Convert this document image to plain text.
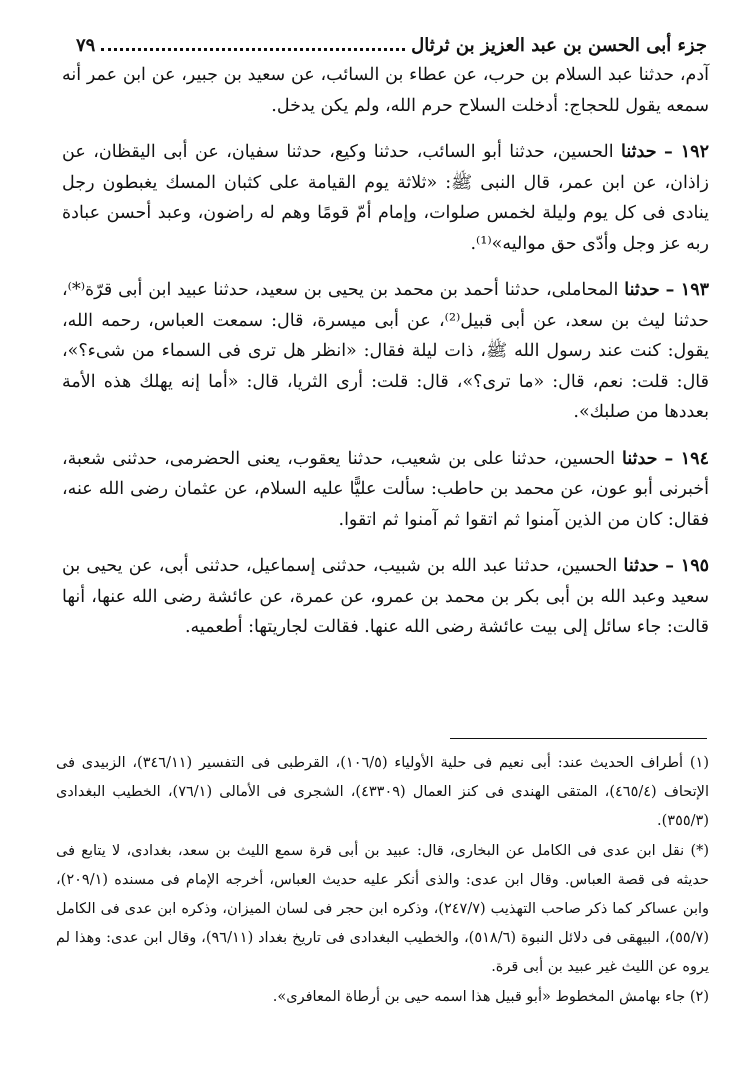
جزء أبى الحسن بن عبد العزيز بن ثرثال
٧٩

آدم، حدثنا عبد السلام بن حرب، عن عطاء بن السائب، عن سعيد بن جبير، عن ابن عمر أنه سمعه يقول للحجاج: أدخلت السلاح حرم الله، ولم يكن يدخل.

١٩٢ – حدثنا الحسين، حدثنا أبو السائب، حدثنا وكيع، حدثنا سفيان، عن أبى اليقظان، عن زاذان، عن ابن عمر، قال النبى ﷺ: «ثلاثة يوم القيامة على كثبان المسك يغبطون رجل ينادى فى كل يوم وليلة لخمس صلوات، وإمام أمّ قومًا وهم له راضون، وعبد أحسن عبادة ربه عز وجل وأدّى حق مواليه»⁽¹⁾.

١٩٣ – حدثنا المحاملى، حدثنا أحمد بن محمد بن يحيى بن سعيد، حدثنا عبيد ابن أبى قرّة⁽*⁾، حدثنا ليث بن سعد، عن أبى قبيل⁽²⁾، عن أبى ميسرة، قال: سمعت العباس، رحمه الله، يقول: كنت عند رسول الله ﷺ، ذات ليلة فقال: «انظر هل ترى فى السماء من شىء؟»، قال: قلت: نعم، قال: «ما ترى؟»، قال: قلت: أرى الثريا، قال: «أما إنه يهلك هذه الأمة بعددها من صلبك».

١٩٤ – حدثنا الحسين، حدثنا على بن شعيب، حدثنا يعقوب، يعنى الحضرمى، حدثنى شعبة، أخبرنى أبو عون، عن محمد بن حاطب: سألت عليًّا عليه السلام، عن عثمان رضى الله عنه، فقال: كان من الذين آمنوا ثم اتقوا ثم آمنوا ثم اتقوا.

١٩٥ – حدثنا الحسين، حدثنا عبد الله بن شبيب، حدثنى إسماعيل، حدثنى أبى، عن يحيى بن سعيد وعبد الله بن أبى بكر بن محمد بن عمرو، عن عمرة، عن عائشة رضى الله عنها، أنها قالت: جاء سائل إلى بيت عائشة رضى الله عنها. فقالت لجاريتها: أطعميه.

(١) أطراف الحديث عند: أبى نعيم فى حلية الأولياء (١٠٦/٥)، القرطبى فى التفسير (٣٤٦/١١)، الزبيدى فى الإتحاف (٤٦٥/٤)، المتقى الهندى فى كنز العمال (٤٣٣٠٩)، الشجرى فى الأمالى (٧٦/١)، الخطيب البغدادى (٣٥٥/٣).

(*) نقل ابن عدى فى الكامل عن البخارى، قال: عبيد بن أبى قرة سمع الليث بن سعد، بغدادى، لا يتابع فى حديثه فى قصة العباس. وقال ابن عدى: والذى أنكر عليه حديث العباس، أخرجه الإمام فى مسنده (٢٠٩/١)، وابن عساكر كما ذكر صاحب التهذيب (٢٤٧/٧)، وذكره ابن حجر فى لسان الميزان، وذكره ابن عدى فى الكامل (٥٥/٧)، البيهقى فى دلائل النبوة (٥١٨/٦)، والخطيب البغدادى فى تاريخ بغداد (٩٦/١١)، وقال ابن عدى: وهذا لم يروه عن الليث غير عبيد بن أبى قرة.

(٢) جاء بهامش المخطوط «أبو قبيل هذا اسمه حيى بن أرطاة المعافرى».
